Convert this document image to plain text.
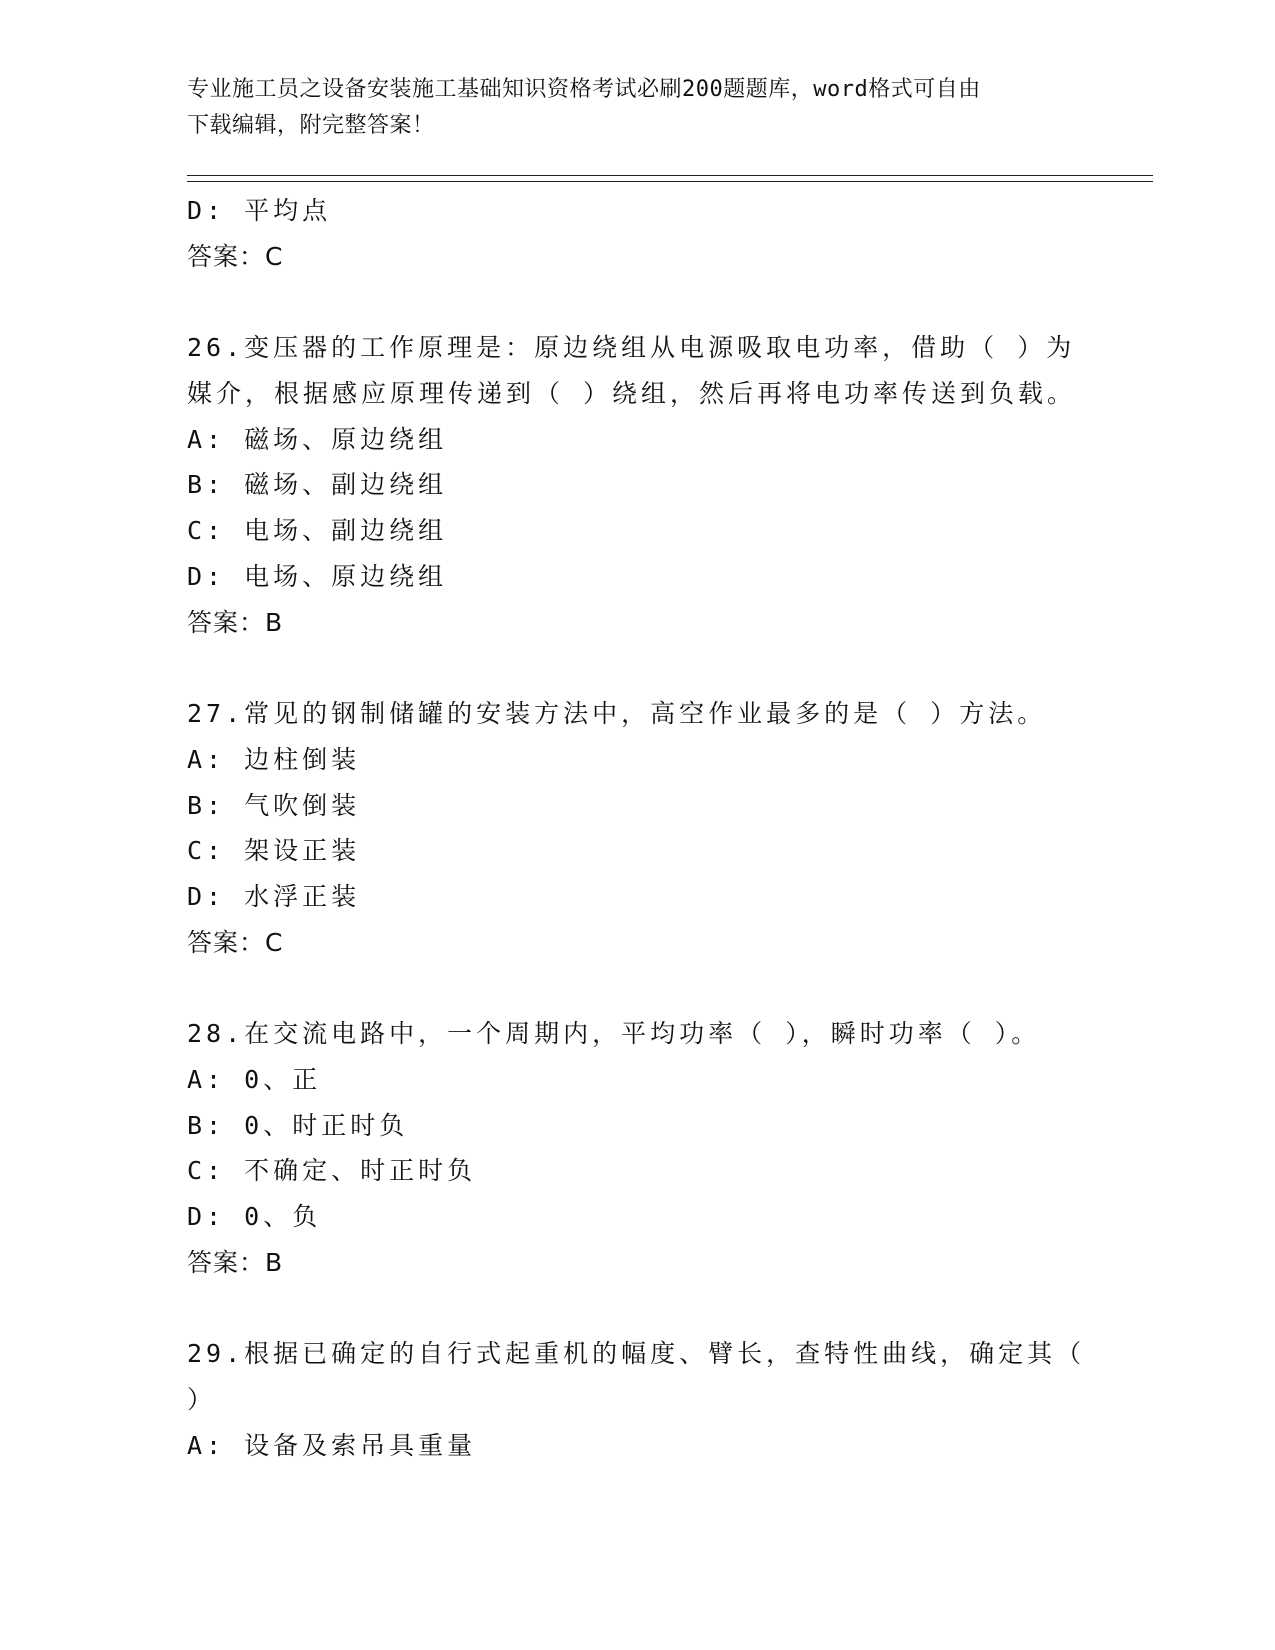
专业施工员之设备安装施工基础知识资格考试必刷200题题库，word格式可自由
下载编辑，附完整答案！
D: 平均点
答案：C
26.变压器的工作原理是：原边绕组从电源吸取电功率，借助（ ）为
媒介，根据感应原理传递到（ ）绕组，然后再将电功率传送到负载。
A: 磁场、原边绕组
B: 磁场、副边绕组
C: 电场、副边绕组
D: 电场、原边绕组
答案：B
27.常见的钢制储罐的安装方法中，高空作业最多的是（ ）方法。
A: 边柱倒装
B: 气吹倒装
C: 架设正装
D: 水浮正装
答案：C
28.在交流电路中，一个周期内，平均功率（ ），瞬时功率（ ）。
A: 0、正
B: 0、时正时负
C: 不确定、时正时负
D: 0、负
答案：B
29.根据已确定的自行式起重机的幅度、臂长，查特性曲线，确定其（
）
A: 设备及索吊具重量
